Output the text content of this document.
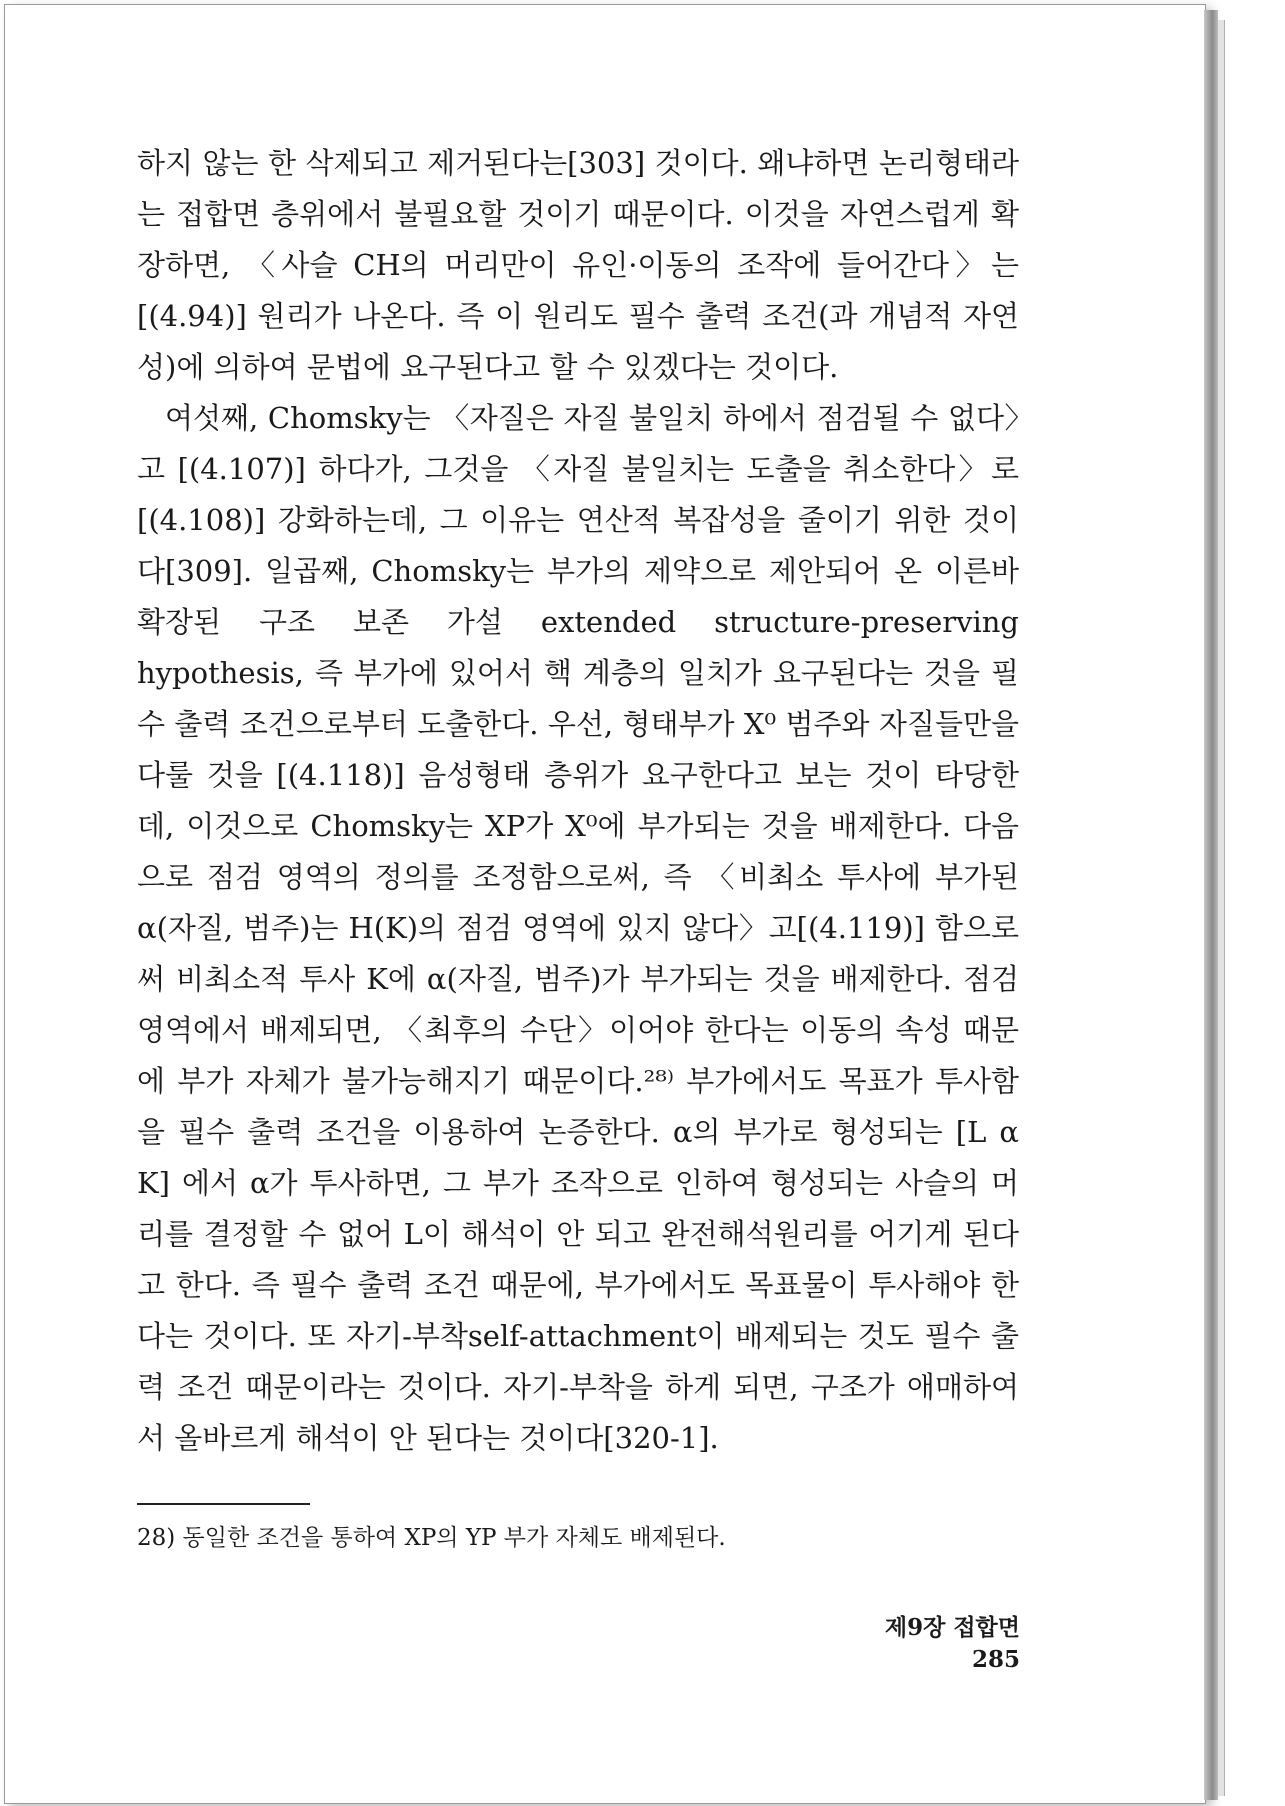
하지 않는 한 삭제되고 제거된다는[303] 것이다. 왜냐하면 논리형태라는 접합면 층위에서 불필요할 것이기 때문이다. 이것을 자연스럽게 확장하면, 〈사슬 CH의 머리만이 유인·이동의 조작에 들어간다〉는 [(4.94)] 원리가 나온다. 즉 이 원리도 필수 출력 조건(과 개념적 자연성)에 의하여 문법에 요구된다고 할 수 있겠다는 것이다.

여섯째, Chomsky는 〈자질은 자질 불일치 하에서 점검될 수 없다〉고 [(4.107)] 하다가, 그것을 〈자질 불일치는 도출을 취소한다〉로 [(4.108)] 강화하는데, 그 이유는 연산적 복잡성을 줄이기 위한 것이다[309]. 일곱째, Chomsky는 부가의 제약으로 제안되어 온 이른바 확장된 구조 보존 가설 extended structure-preserving hypothesis, 즉 부가에 있어서 핵 계층의 일치가 요구된다는 것을 필수 출력 조건으로부터 도출한다. 우선, 형태부가 X⁰ 범주와 자질들만을 다룰 것을 [(4.118)] 음성형태 층위가 요구한다고 보는 것이 타당한데, 이것으로 Chomsky는 XP가 X⁰에 부가되는 것을 배제한다. 다음으로 점검 영역의 정의를 조정함으로써, 즉 〈비최소 투사에 부가된 α(자질, 범주)는 H(K)의 점검 영역에 있지 않다〉고[(4.119)] 함으로써 비최소적 투사 K에 α(자질, 범주)가 부가되는 것을 배제한다. 점검 영역에서 배제되면, 〈최후의 수단〉이어야 한다는 이동의 속성 때문에 부가 자체가 불가능해지기 때문이다.²⁸⁾ 부가에서도 목표가 투사함을 필수 출력 조건을 이용하여 논증한다. α의 부가로 형성되는 [L α K] 에서 α가 투사하면, 그 부가 조작으로 인하여 형성되는 사슬의 머리를 결정할 수 없어 L이 해석이 안 되고 완전해석원리를 어기게 된다고 한다. 즉 필수 출력 조건 때문에, 부가에서도 목표물이 투사해야 한다는 것이다. 또 자기-부착self-attachment이 배제되는 것도 필수 출력 조건 때문이라는 것이다. 자기-부착을 하게 되면, 구조가 애매하여서 올바르게 해석이 안 된다는 것이다[320-1].

28) 동일한 조건을 통하여 XP의 YP 부가 자체도 배제된다.
제9장 접합면285
